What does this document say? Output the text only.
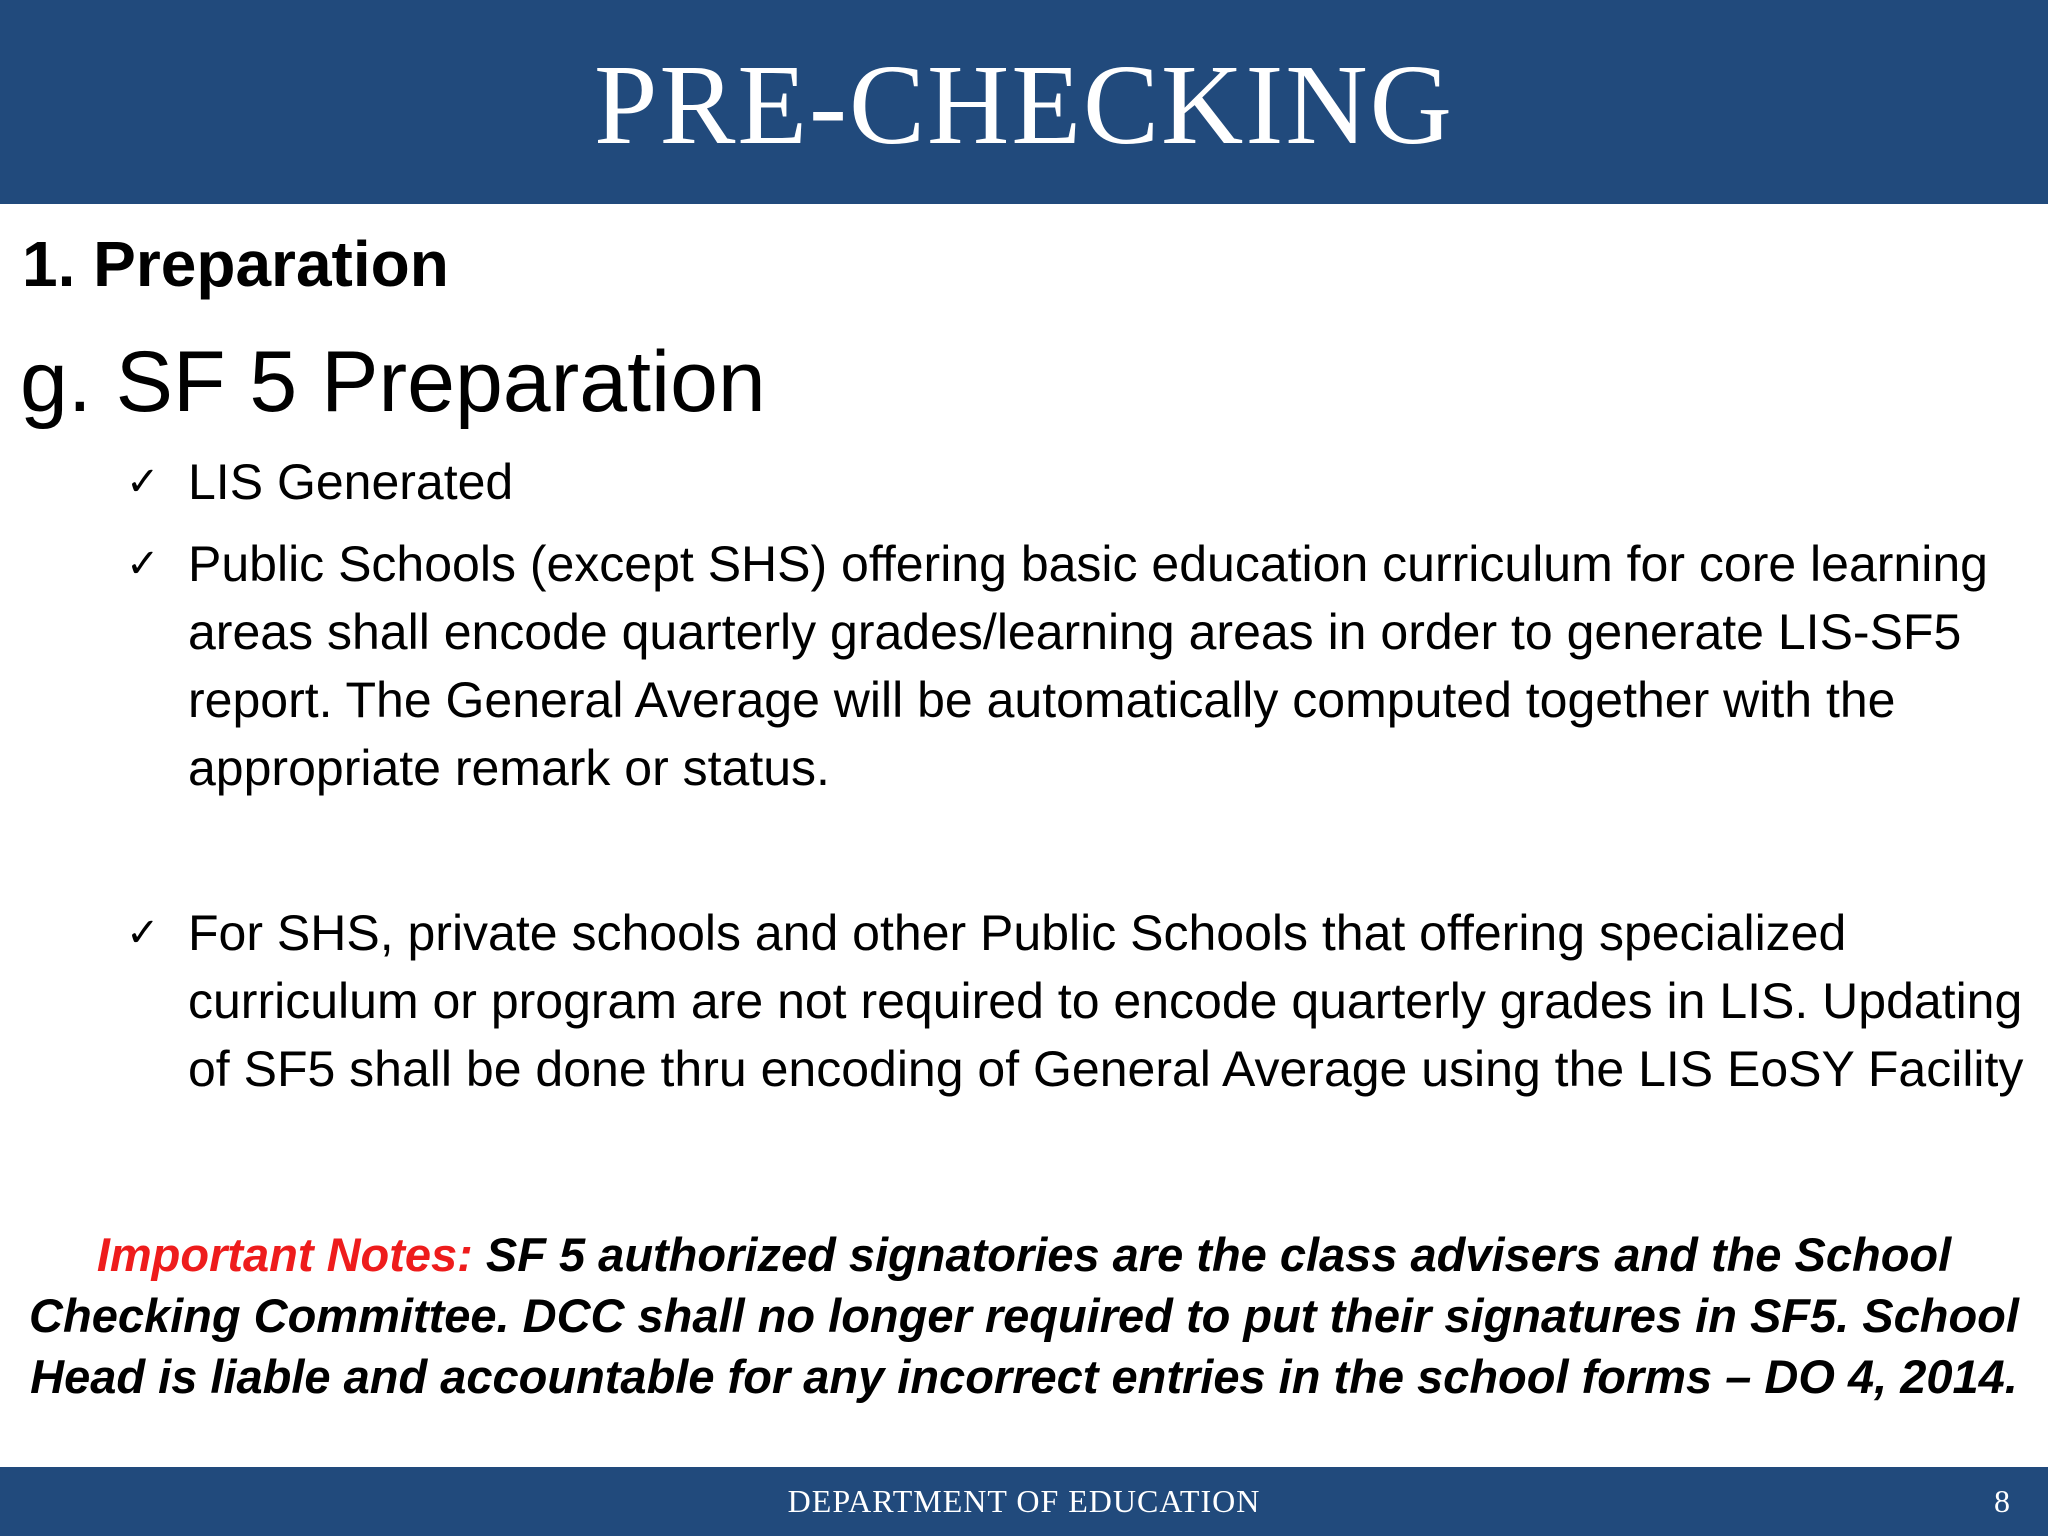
PRE-CHECKING
1. Preparation
g. SF 5 Preparation
✓ LIS Generated
✓ Public Schools (except SHS) offering basic education curriculum for core learning areas shall encode quarterly grades/learning areas in order to generate LIS-SF5 report. The General Average will be automatically computed together with the appropriate remark or status.
✓ For SHS, private schools and other Public Schools that offering specialized curriculum or program are not required to encode quarterly grades in LIS. Updating of SF5 shall be done thru encoding of General Average using the LIS EoSY Facility
Important Notes: SF 5 authorized signatories are the class advisers and the School Checking Committee. DCC shall no longer required to put their signatures in SF5. School Head is liable and accountable for any incorrect entries in the school forms – DO 4, 2014.
DEPARTMENT OF EDUCATION	8
